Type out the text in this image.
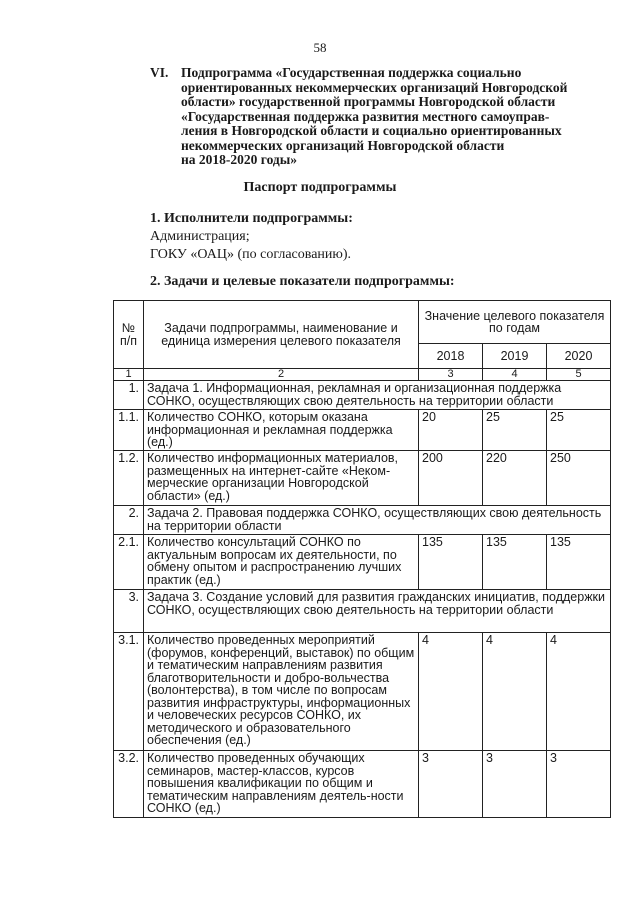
58
VI. Подпрограмма «Государственная поддержка социально
ориентированных некоммерческих организаций Новгородской
области» государственной программы Новгородской области
«Государственная поддержка развития местного самоуправ-
ления в Новгородской области и социально ориентированных
некоммерческих организаций Новгородской области
на 2018-2020 годы»
Паспорт подпрограммы
1. Исполнители подпрограммы:
Администрация;
ГОКУ «ОАЦ» (по согласованию).
2. Задачи и целевые показатели подпрограммы:
№ п/п	Задачи подпрограммы, наименование и единица измерения целевого показателя	Значение целевого показателя по годам		
		2018	2019	2020
1	2	3	4	5
1.	Задача 1. Информационная, рекламная и организационная поддержка СОНКО, осуществляющих свою деятельность на территории области			
1.1.	Количество СОНКО, которым оказана информационная и рекламная поддержка (ед.)	20	25	25
1.2.	Количество информационных материалов, размещенных на интернет-сайте «Неком-мерческие организации Новгородской области» (ед.)	200	220	250
2.	Задача 2. Правовая поддержка СОНКО, осуществляющих свою деятельность на территории области			
2.1.	Количество консультаций СОНКО по актуальным вопросам их деятельности, по обмену опытом и распространению лучших практик (ед.)	135	135	135
3.	Задача 3. Создание условий для развития гражданских инициатив, поддержки СОНКО, осуществляющих свою деятельность на территории области			
3.1.	Количество проведенных мероприятий (форумов, конференций, выставок) по общим и тематическим направлениям развития благотворительности и добро-вольчества (волонтерства), в том числе по вопросам развития инфраструктуры, информационных и человеческих ресурсов СОНКО, их методического и образовательного обеспечения (ед.)	4	4	4
3.2.	Количество проведенных обучающих семинаров, мастер-классов, курсов повышения квалификации по общим и тематическим направлениям деятель-ности СОНКО (ед.)	3	3	3
